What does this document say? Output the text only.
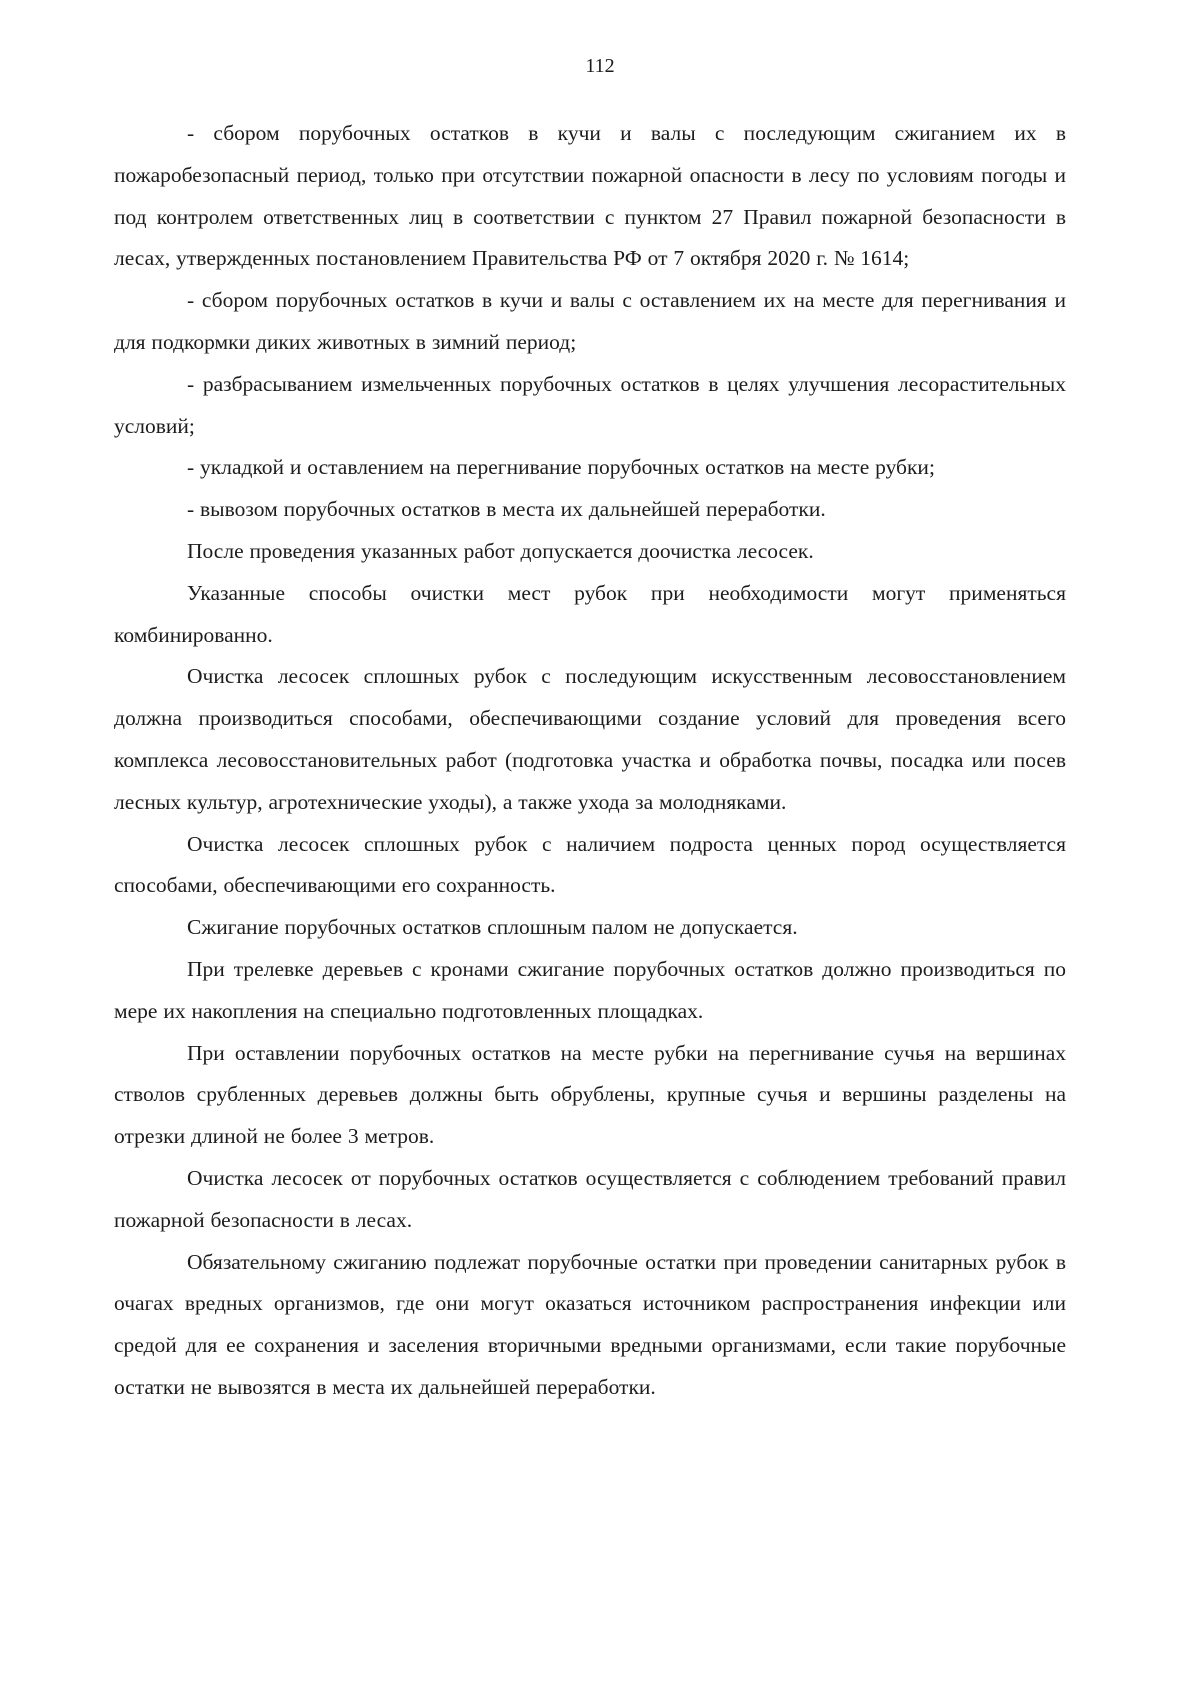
112

- сбором порубочных остатков в кучи и валы с последующим сжиганием их в пожаробезопасный период, только при отсутствии пожарной опасности в лесу по условиям погоды и под контролем ответственных лиц в соответствии с пунктом 27 Правил пожарной безопасности в лесах, утвержденных постановлением Правительства РФ от 7 октября 2020 г. № 1614;

- сбором порубочных остатков в кучи и валы с оставлением их на месте для перегнивания и для подкормки диких животных в зимний период;

- разбрасыванием измельченных порубочных остатков в целях улучшения лесорастительных условий;

- укладкой и оставлением на перегнивание порубочных остатков на месте рубки;

- вывозом порубочных остатков в места их дальнейшей переработки.

После проведения указанных работ допускается доочистка лесосек.

Указанные способы очистки мест рубок при необходимости могут применяться комбинированно.

Очистка лесосек сплошных рубок с последующим искусственным лесовосстановлением должна производиться способами, обеспечивающими создание условий для проведения всего комплекса лесовосстановительных работ (подготовка участка и обработка почвы, посадка или посев лесных культур, агротехнические уходы), а также ухода за молодняками.

Очистка лесосек сплошных рубок с наличием подроста ценных пород осуществляется способами, обеспечивающими его сохранность.

Сжигание порубочных остатков сплошным палом не допускается.

При трелевке деревьев с кронами сжигание порубочных остатков должно производиться по мере их накопления на специально подготовленных площадках.

При оставлении порубочных остатков на месте рубки на перегнивание сучья на вершинах стволов срубленных деревьев должны быть обрублены, крупные сучья и вершины разделены на отрезки длиной не более 3 метров.

Очистка лесосек от порубочных остатков осуществляется с соблюдением требований правил пожарной безопасности в лесах.

Обязательному сжиганию подлежат порубочные остатки при проведении санитарных рубок в очагах вредных организмов, где они могут оказаться источником распространения инфекции или средой для ее сохранения и заселения вторичными вредными организмами, если такие порубочные остатки не вывозятся в места их дальнейшей переработки.
